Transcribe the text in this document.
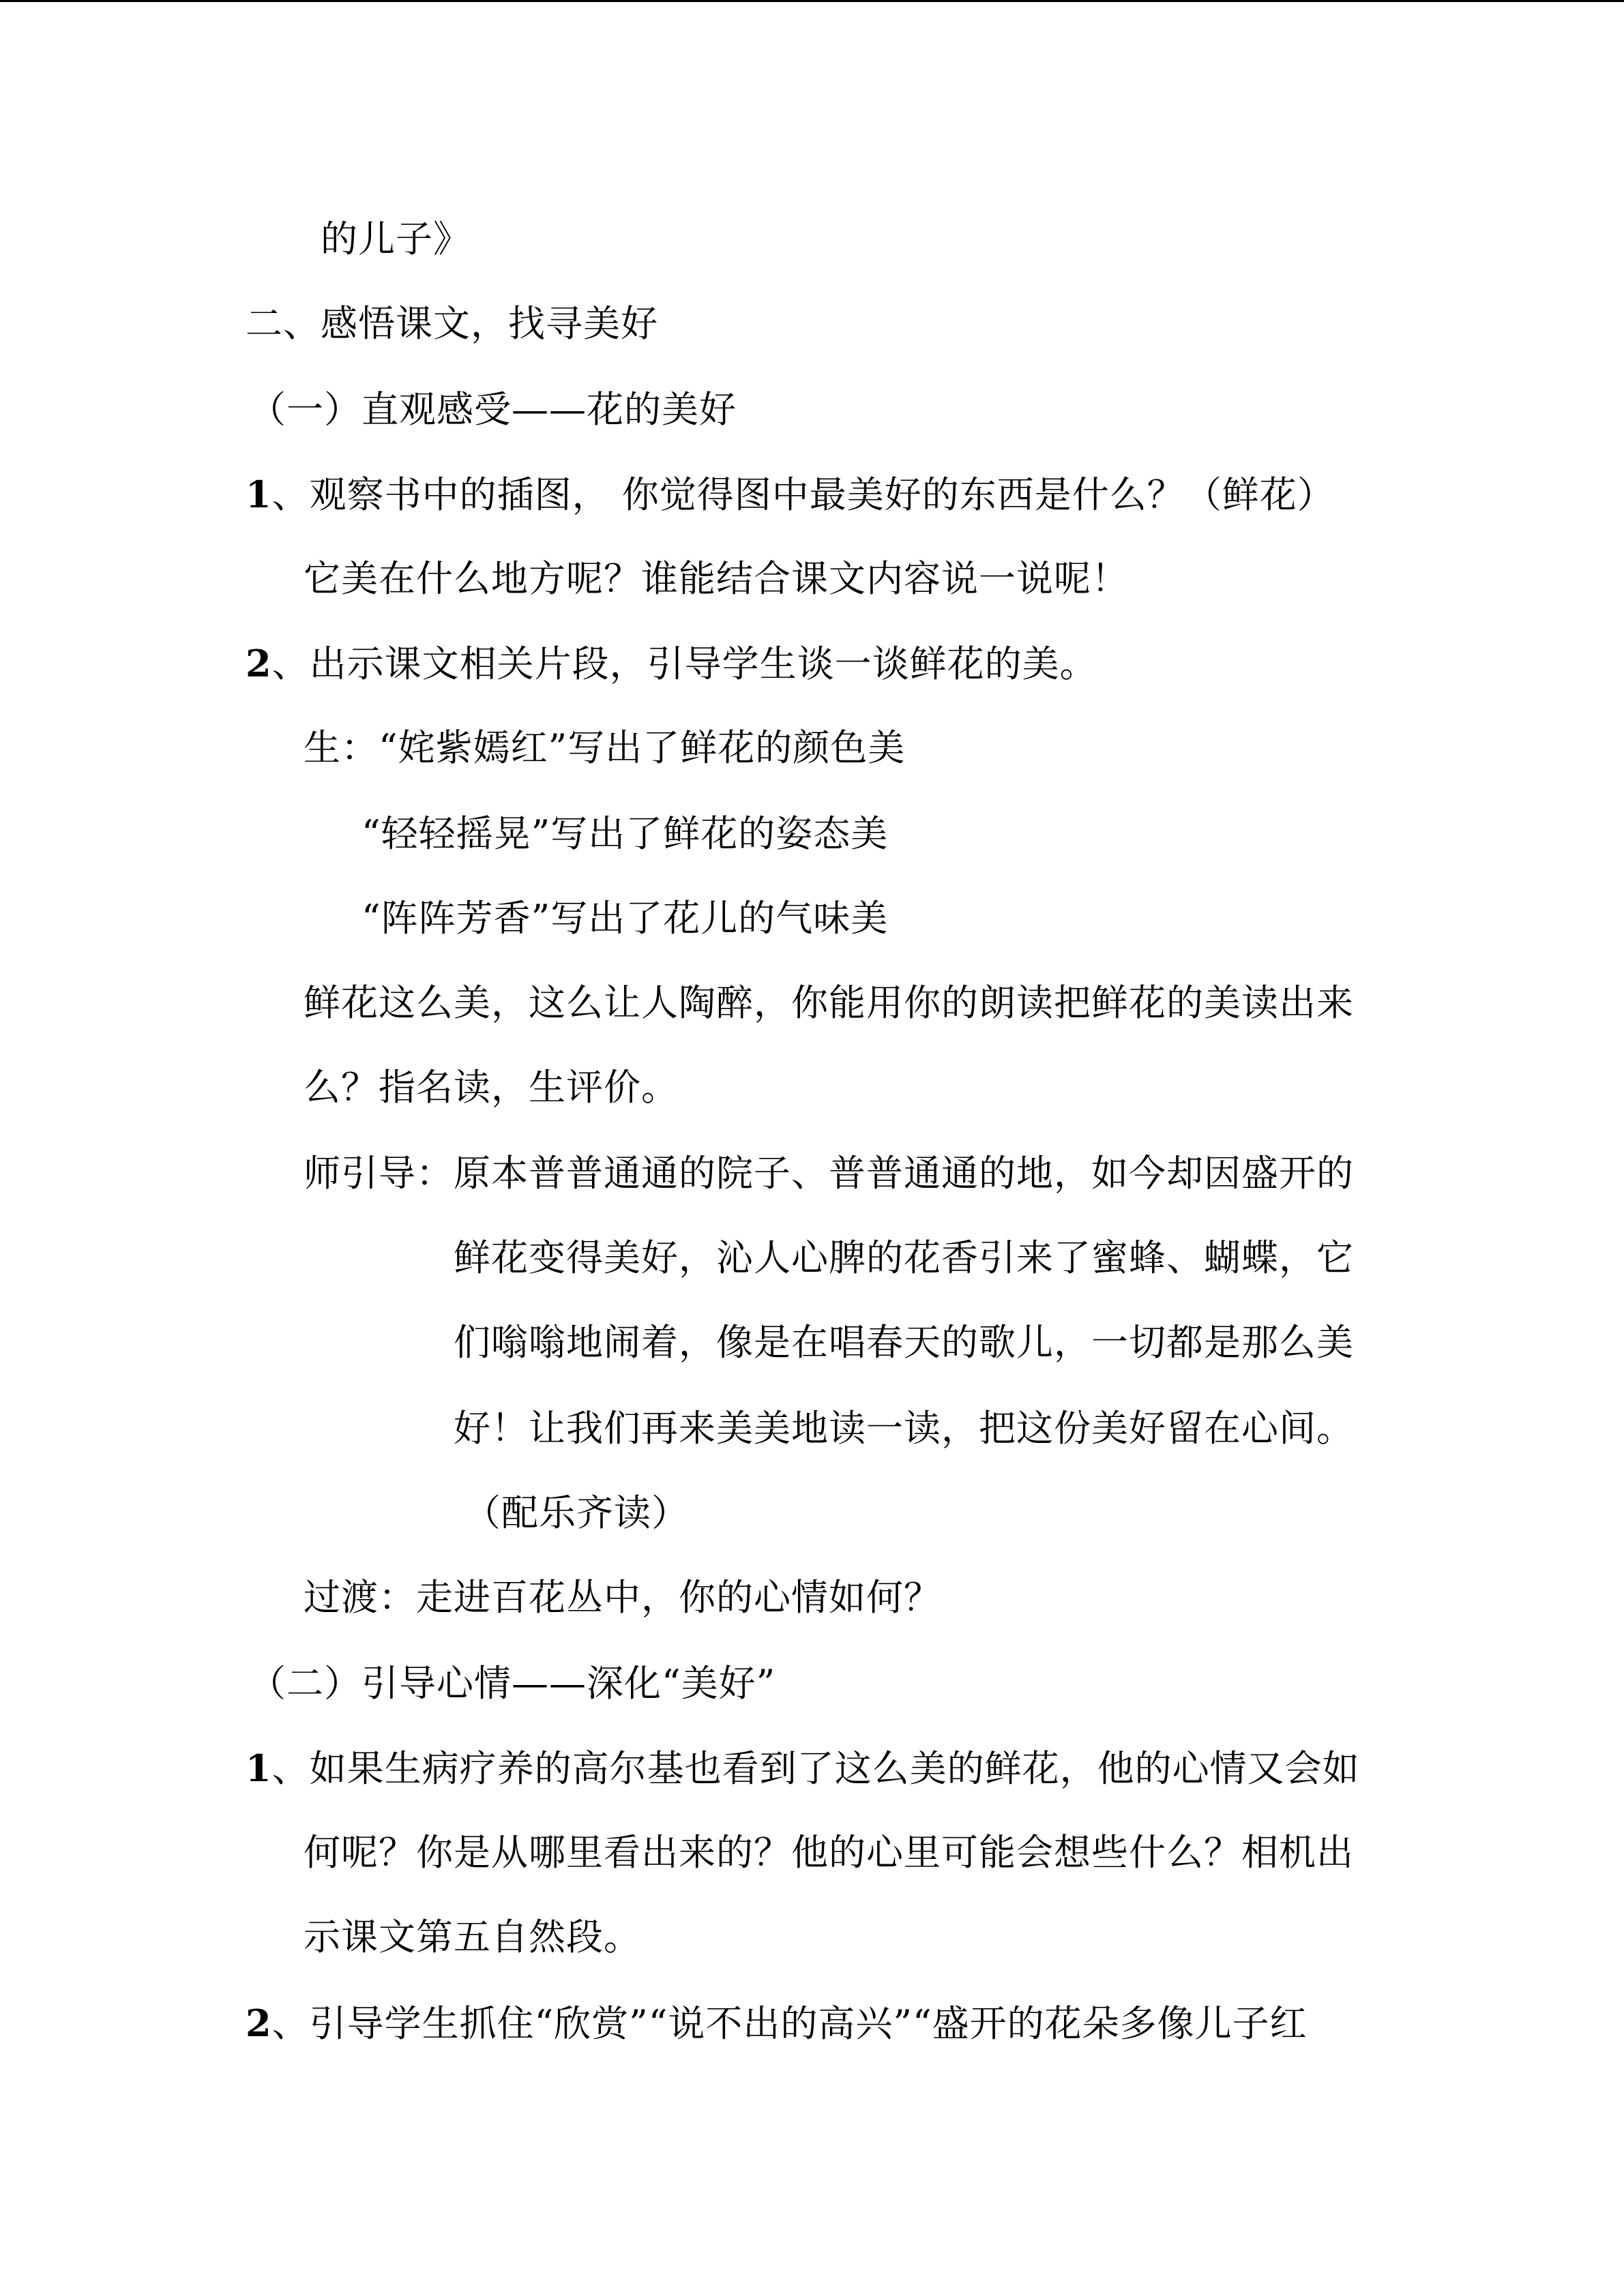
的儿子》
二、感悟课文，找寻美好
（一）直观感受——花的美好
1、观察书中的插图， 你觉得图中最美好的东西是什么？（鲜花）
它美在什么地方呢？谁能结合课文内容说一说呢！
2、出示课文相关片段，引导学生谈一谈鲜花的美。
生：“姹紫嫣红”写出了鲜花的颜色美
“轻轻摇晃”写出了鲜花的姿态美
“阵阵芳香”写出了花儿的气味美
鲜花这么美，这么让人陶醉，你能用你的朗读把鲜花的美读出来
么？指名读，生评价。
师引导：原本普普通通的院子、普普通通的地，如今却因盛开的
鲜花变得美好，沁人心脾的花香引来了蜜蜂、蝴蝶，它
们嗡嗡地闹着，像是在唱春天的歌儿，一切都是那么美
好！让我们再来美美地读一读，把这份美好留在心间。
（配乐齐读）
过渡：走进百花丛中，你的心情如何？
（二）引导心情——深化“美好”
1、如果生病疗养的高尔基也看到了这么美的鲜花，他的心情又会如
何呢？你是从哪里看出来的？他的心里可能会想些什么？相机出
示课文第五自然段。
2、引导学生抓住“欣赏”“说不出的高兴”“盛开的花朵多像儿子红
